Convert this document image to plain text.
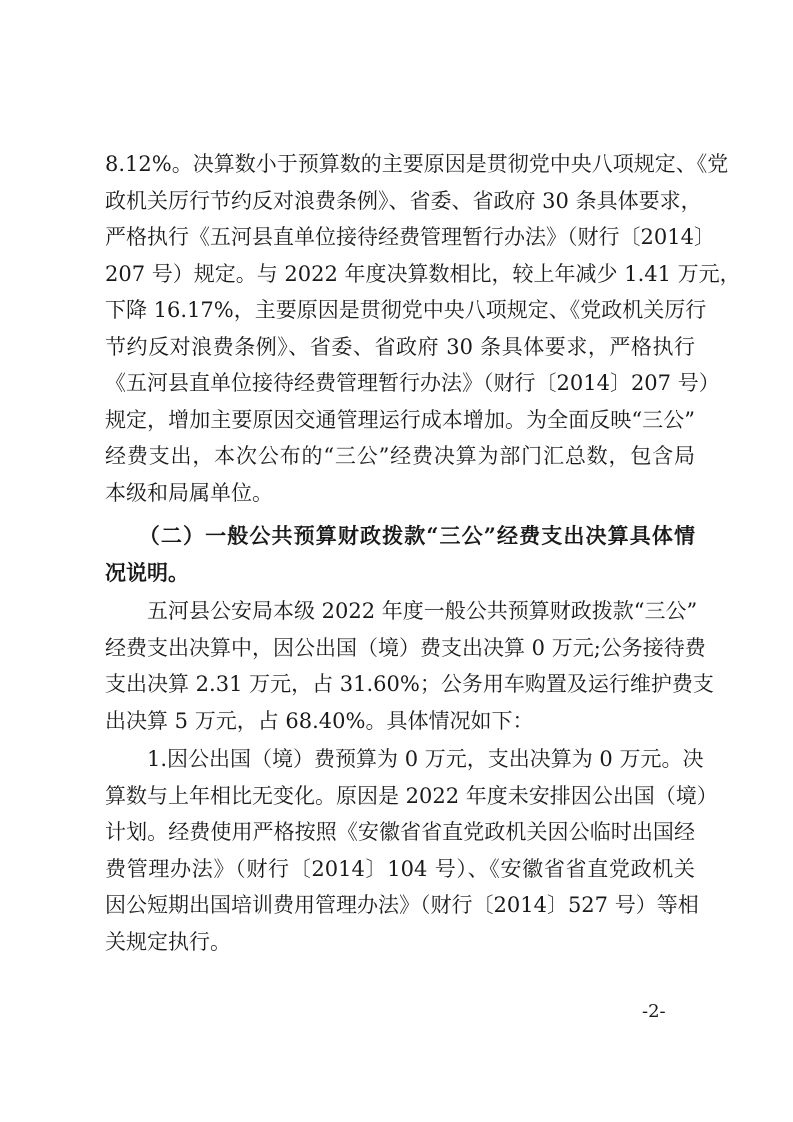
8.12%。决算数小于预算数的主要原因是贯彻党中央八项规定、《党
政机关厉行节约反对浪费条例》、省委、省政府 30 条具体要求，
严格执行《五河县直单位接待经费管理暂行办法》（财行〔2014〕
207 号）规定。与 2022 年度决算数相比，较上年减少 1.41 万元，
下降 16.17%，主要原因是贯彻党中央八项规定、《党政机关厉行
节约反对浪费条例》、省委、省政府 30 条具体要求，严格执行
《五河县直单位接待经费管理暂行办法》（财行〔2014〕207 号）
规定，增加主要原因交通管理运行成本增加。为全面反映“三公”
经费支出，本次公布的“三公”经费决算为部门汇总数，包含局
本级和局属单位。
　　（二）一般公共预算财政拨款“三公”经费支出决算具体情
况说明。
　　五河县公安局本级 2022 年度一般公共预算财政拨款“三公”
经费支出决算中，因公出国（境）费支出决算 0 万元;公务接待费
支出决算 2.31 万元，占 31.60%；公务用车购置及运行维护费支
出决算 5 万元，占 68.40%。具体情况如下：
　　1.因公出国（境）费预算为 0 万元，支出决算为 0 万元。决
算数与上年相比无变化。原因是 2022 年度未安排因公出国（境）
计划。经费使用严格按照《安徽省省直党政机关因公临时出国经
费管理办法》（财行〔2014〕104 号）、《安徽省省直党政机关
因公短期出国培训费用管理办法》（财行〔2014〕527 号）等相
关规定执行。
-2-
